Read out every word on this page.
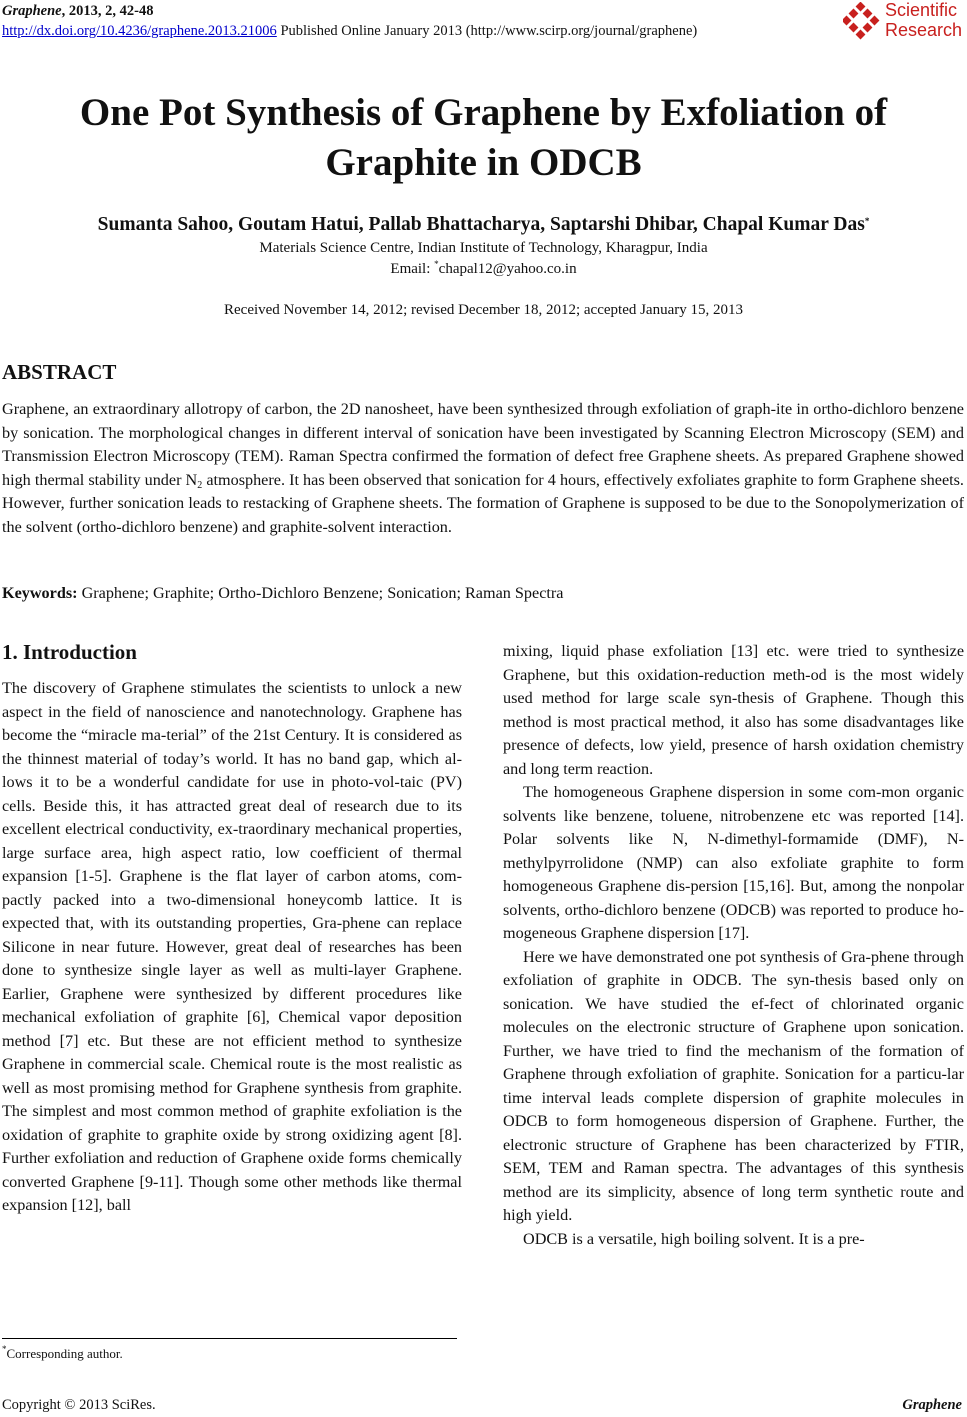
Graphene, 2013, 2, 42-48
http://dx.doi.org/10.4236/graphene.2013.21006 Published Online January 2013 (http://www.scirp.org/journal/graphene)
Scientific
Research
One Pot Synthesis of Graphene by Exfoliation of
Graphite in ODCB
Sumanta Sahoo, Goutam Hatui, Pallab Bhattacharya, Saptarshi Dhibar, Chapal Kumar Das*
Materials Science Centre, Indian Institute of Technology, Kharagpur, India
Email: *chapal12@yahoo.co.in
Received November 14, 2012; revised December 18, 2012; accepted January 15, 2013
ABSTRACT

Graphene, an extraordinary allotropy of carbon, the 2D nanosheet, have been synthesized through exfoliation of graph-ite in ortho-dichloro benzene by sonication. The morphological changes in different interval of sonication have been investigated by Scanning Electron Microscopy (SEM) and Transmission Electron Microscopy (TEM). Raman Spectra confirmed the formation of defect free Graphene sheets. As prepared Graphene showed high thermal stability under $N_2$ atmosphere. It has been observed that sonication for 4 hours, effectively exfoliates graphite to form Graphene sheets. However, further sonication leads to restacking of Graphene sheets. The formation of Graphene is supposed to be due to the Sonopolymerization of the solvent (ortho-dichloro benzene) and graphite-solvent interaction.

Keywords: Graphene; Graphite; Ortho-Dichloro Benzene; Sonication; Raman Spectra
1. Introduction

The discovery of Graphene stimulates the scientists to unlock a new aspect in the field of nanoscience and nanotechnology. Graphene has become the “miracle ma-terial” of the 21st Century. It is considered as the thinnest material of today’s world. It has no band gap, which al-lows it to be a wonderful candidate for use in photo-vol-taic (PV) cells. Beside this, it has attracted great deal of research due to its excellent electrical conductivity, ex-traordinary mechanical properties, large surface area, high aspect ratio, low coefficient of thermal expansion [1-5]. Graphene is the flat layer of carbon atoms, com-pactly packed into a two-dimensional honeycomb lattice. It is expected that, with its outstanding properties, Gra-phene can replace Silicone in near future. However, great deal of researches has been done to synthesize single layer as well as multi-layer Graphene. Earlier, Graphene were synthesized by different procedures like mechanical exfoliation of graphite [6], Chemical vapor deposition method [7] etc. But these are not efficient method to synthesize Graphene in commercial scale. Chemical route is the most realistic as well as most promising method for Graphene synthesis from graphite. The simplest and most common method of graphite exfoliation is the oxidation of graphite to graphite oxide by strong oxidizing agent [8]. Further exfoliation and reduction of Graphene oxide forms chemically converted Graphene [9-11]. Though some other methods like thermal expansion [12], ball

mixing, liquid phase exfoliation [13] etc. were tried to synthesize Graphene, but this oxidation-reduction meth-od is the most widely used method for large scale syn-thesis of Graphene. Though this method is most practical method, it also has some disadvantages like presence of defects, low yield, presence of harsh oxidation chemistry and long term reaction.

The homogeneous Graphene dispersion in some com-mon organic solvents like benzene, toluene, nitrobenzene etc was reported [14]. Polar solvents like N, N-dimethyl-formamide (DMF), N-methylpyrrolidone (NMP) can also exfoliate graphite to form homogeneous Graphene dis-persion [15,16]. But, among the nonpolar solvents, ortho-dichloro benzene (ODCB) was reported to produce ho-mogeneous Graphene dispersion [17].

Here we have demonstrated one pot synthesis of Gra-phene through exfoliation of graphite in ODCB. The syn-thesis based only on sonication. We have studied the ef-fect of chlorinated organic molecules on the electronic structure of Graphene upon sonication. Further, we have tried to find the mechanism of the formation of Graphene through exfoliation of graphite. Sonication for a particu-lar time interval leads complete dispersion of graphite molecules in ODCB to form homogeneous dispersion of Graphene. Further, the electronic structure of Graphene has been characterized by FTIR, SEM, TEM and Raman spectra. The advantages of this synthesis method are its simplicity, absence of long term synthetic route and high yield.

ODCB is a versatile, high boiling solvent. It is a pre-

*Corresponding author.
Copyright © 2013 SciRes.	Graphene
